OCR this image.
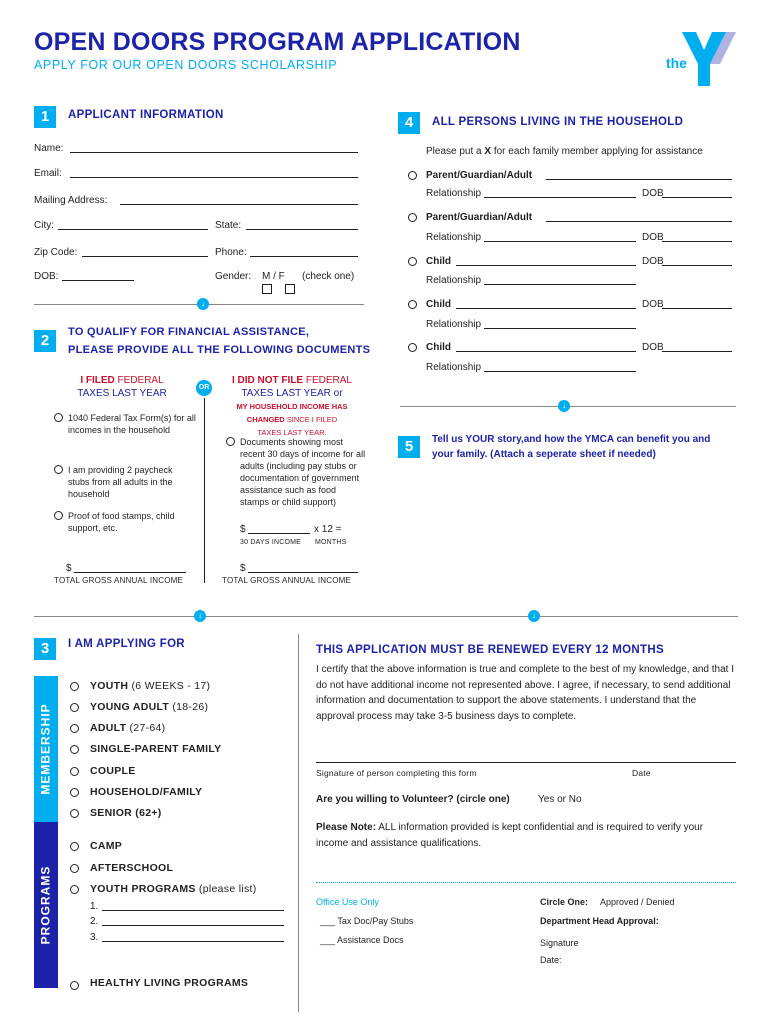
OPEN DOORS PROGRAM APPLICATION
APPLY FOR OUR OPEN DOORS SCHOLARSHIP	the
1	APPLICANT INFORMATION
Name:
Email:
Mailing Address:
City:	State:
Zip Code:	Phone:
DOB:	Gender: M / F (check one)
↓
2	TO QUALIFY FOR FINANCIAL ASSISTANCE,
PLEASE PROVIDE ALL THE FOLLOWING DOCUMENTS
I FILED FEDERAL
TAXES LAST YEAR
OR
I DID NOT FILE FEDERAL
TAXES LAST YEAR or
MY HOUSEHOLD INCOME HAS
CHANGED SINCE I FILED
TAXES LAST YEAR.
1040 Federal Tax Form(s) for all incomes in the household
I am providing 2 paycheck stubs from all adults in the household
Proof of food stamps, child support, etc.
Documents showing most recent 30 days of income for all adults (including pay stubs or documentation of government assistance such as food stamps or child support)
$	x 12 =
30 DAYS INCOME MONTHS
$
TOTAL GROSS ANNUAL INCOME
$
TOTAL GROSS ANNUAL INCOME
↓	↓
3	I AM APPLYING FOR
MEMBERSHIP
PROGRAMS
YOUTH (6 WEEKS - 17)
YOUNG ADULT (18-26)
ADULT (27-64)
SINGLE-PARENT FAMILY
COUPLE
HOUSEHOLD/FAMILY
SENIOR (62+)
CAMP
AFTERSCHOOL
YOUTH PROGRAMS (please list)
1.
2.
3.
HEALTHY LIVING PROGRAMS
4	ALL PERSONS LIVING IN THE HOUSEHOLD
Please put a X for each family member applying for assistance
Parent/Guardian/Adult
Relationship	DOB
Parent/Guardian/Adult
Relationship	DOB
Child	DOB
Relationship
Child	DOB
Relationship
Child	DOB
Relationship
↓
5	Tell us YOUR story,and how the YMCA can benefit you and
your family. (Attach a seperate sheet if needed)
THIS APPLICATION MUST BE RENEWED EVERY 12 MONTHS
I certify that the above information is true and complete to the best of my knowledge, and that I do not have additional income not represented above. I agree, if necessary, to send additional information and documentation to support the above statements. I understand that the approval process may take 3-5 business days to complete.
Signature of person completing this form	Date
Are you willing to Volunteer? (circle one)	Yes or No
Please Note: ALL information provided is kept confidential and is required to verify your income and assistance qualifications.
Office Use Only
___ Tax Doc/Pay Stubs
___ Assistance Docs
Circle One: Approved / Denied
Department Head Approval:
Signature
Date:
